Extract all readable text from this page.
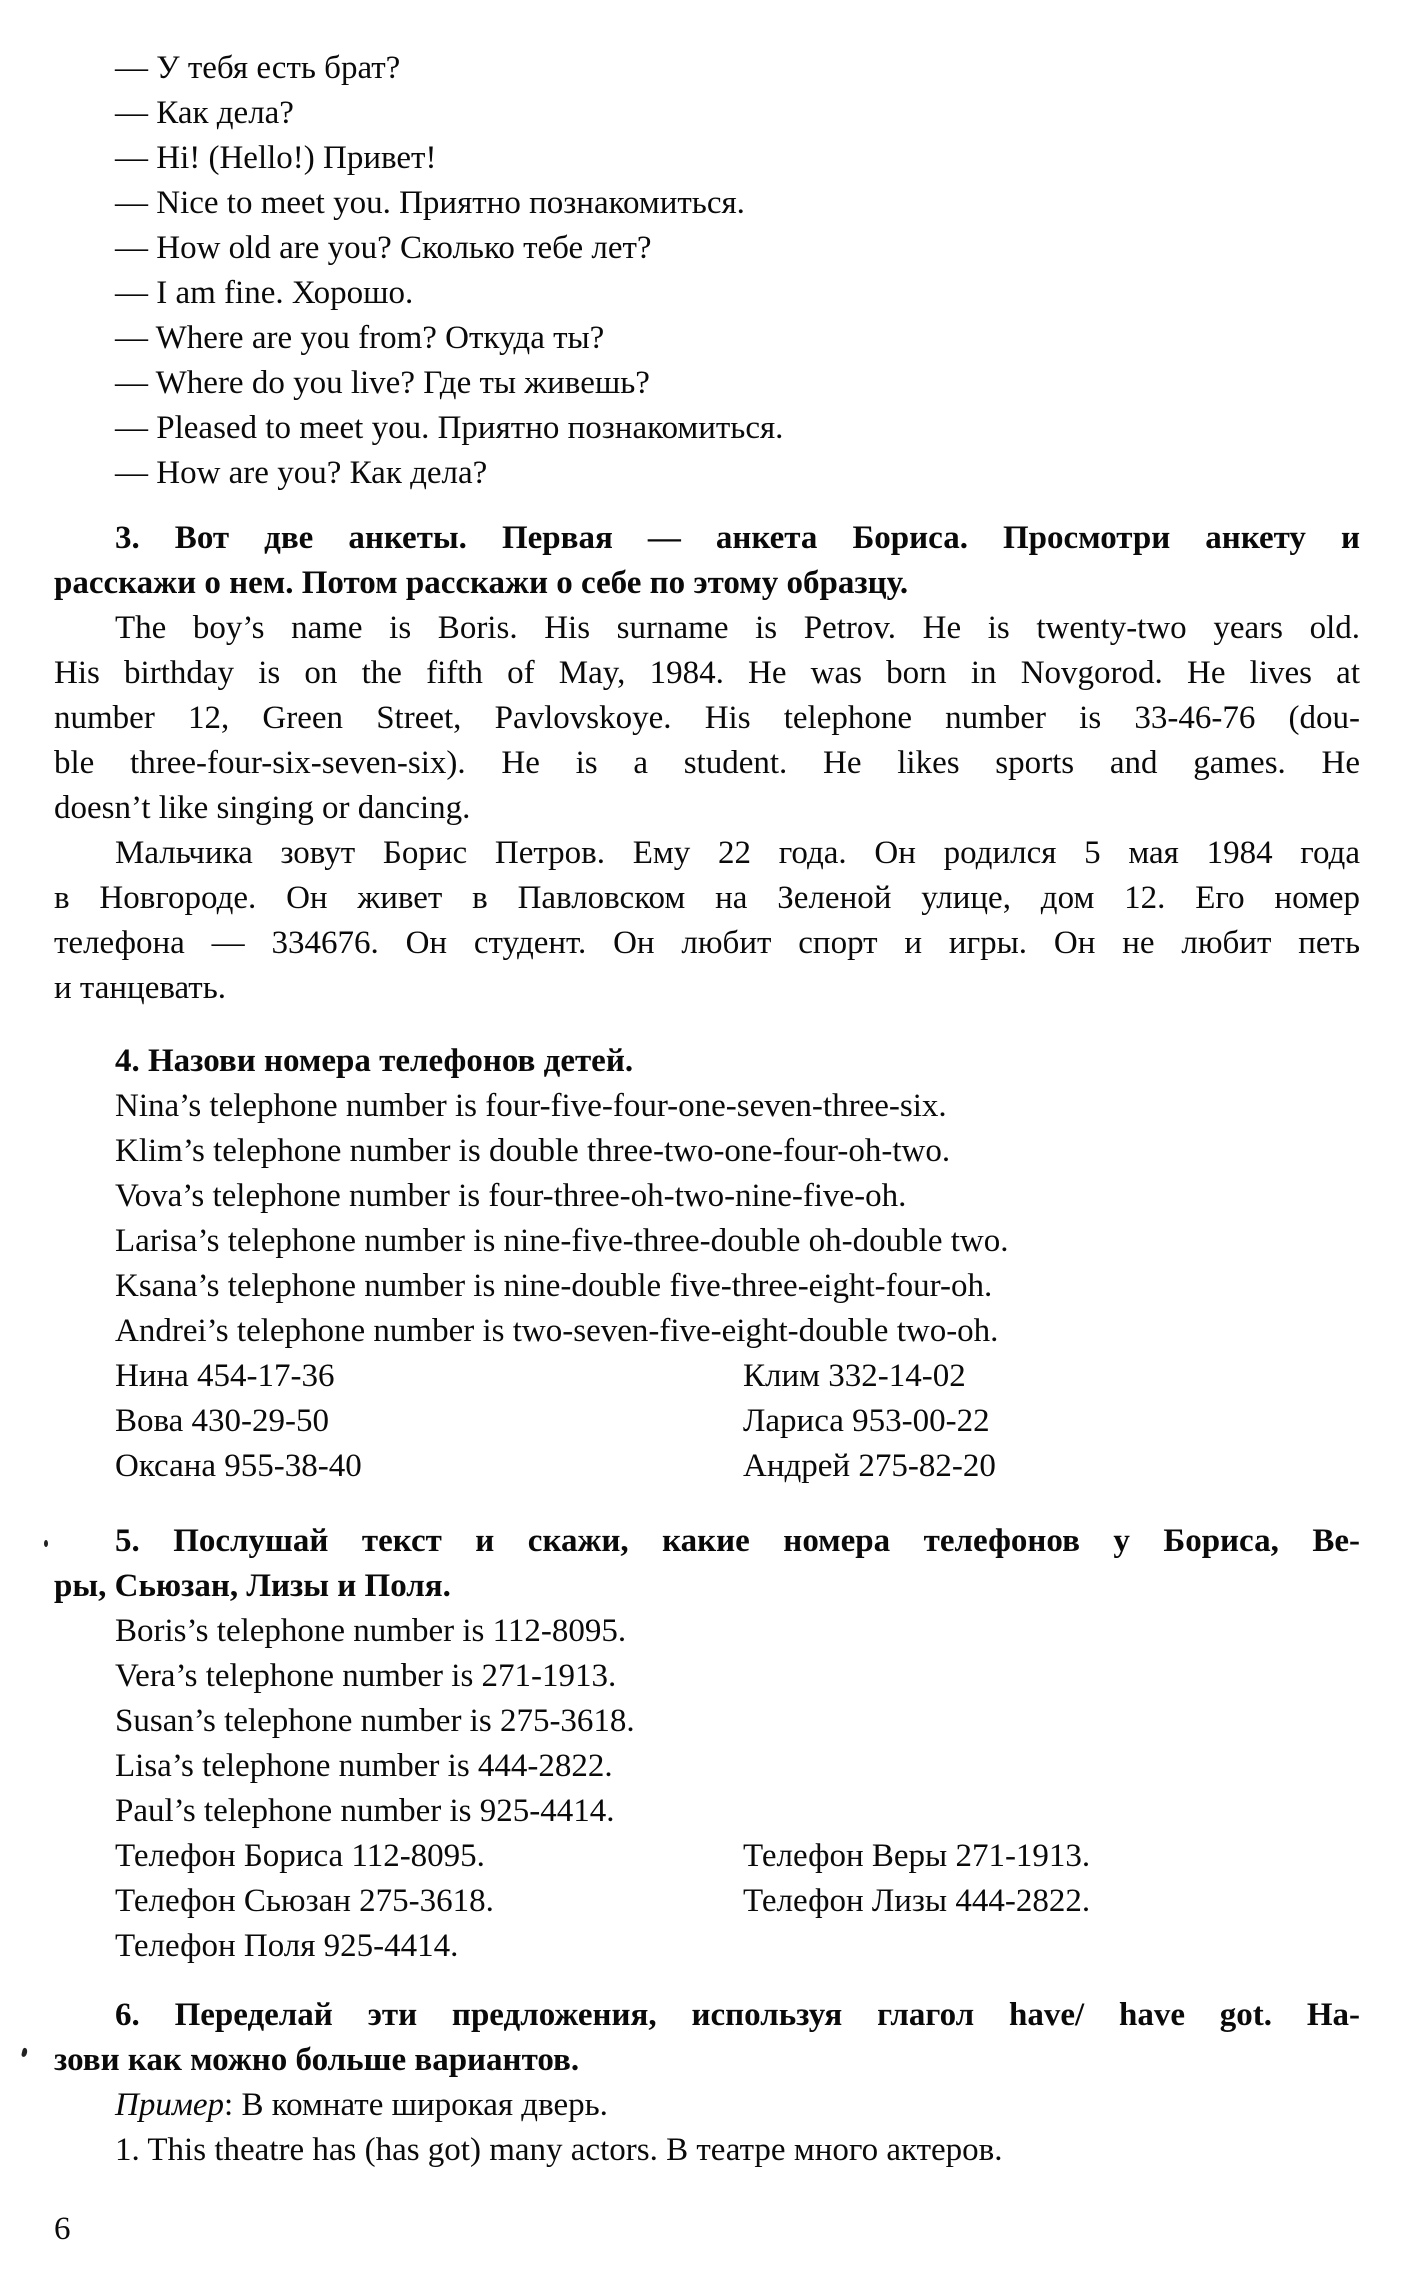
— У тебя есть брат?
— Как дела?
— Hi! (Hello!) Привет!
— Nice to meet you. Приятно познакомиться.
— How old are you? Сколько тебе лет?
— I am fine. Хорошо.
— Where are you from? Откуда ты?
— Where do you live? Где ты живешь?
— Pleased to meet you. Приятно познакомиться.
— How are you? Как дела?
3. Вот две анкеты. Первая — анкета Бориса. Просмотри анкету и
расскажи о нем. Потом расскажи о себе по этому образцу.
The boy’s name is Boris. His surname is Petrov. He is twenty-two years old.
His birthday is on the fifth of May, 1984. He was born in Novgorod. He lives at
number 12, Green Street, Pavlovskoye. His telephone number is 33-46-76 (dou-
ble three-four-six-seven-six). He is a student. He likes sports and games. He
doesn’t like singing or dancing.
Мальчика зовут Борис Петров. Ему 22 года. Он родился 5 мая 1984 года
в Новгороде. Он живет в Павловском на Зеленой улице, дом 12. Его номер
телефона — 334676. Он студент. Он любит спорт и игры. Он не любит петь
и танцевать.
4. Назови номера телефонов детей.
Nina’s telephone number is four-five-four-one-seven-three-six.
Klim’s telephone number is double three-two-one-four-oh-two.
Vova’s telephone number is four-three-oh-two-nine-five-oh.
Larisa’s telephone number is nine-five-three-double oh-double two.
Ksana’s telephone number is nine-double five-three-eight-four-oh.
Andrei’s telephone number is two-seven-five-eight-double two-oh.
Нина 454-17-36	Клим 332-14-02
Вова 430-29-50	Лариса 953-00-22
Оксана 955-38-40	Андрей 275-82-20
5. Послушай текст и скажи, какие номера телефонов у Бориса, Ве-
ры, Сьюзан, Лизы и Поля.
Boris’s telephone number is 112-8095.
Vera’s telephone number is 271-1913.
Susan’s telephone number is 275-3618.
Lisa’s telephone number is 444-2822.
Paul’s telephone number is 925-4414.
Телефон Бориса 112-8095.	Телефон Веры 271-1913.
Телефон Сьюзан 275-3618.	Телефон Лизы 444-2822.
Телефон Поля 925-4414.
6. Переделай эти предложения, используя глагол have/ have got. На-
зови как можно больше вариантов.
Пример: В комнате широкая дверь.
1. This theatre has (has got) many actors. В театре много актеров.
6
